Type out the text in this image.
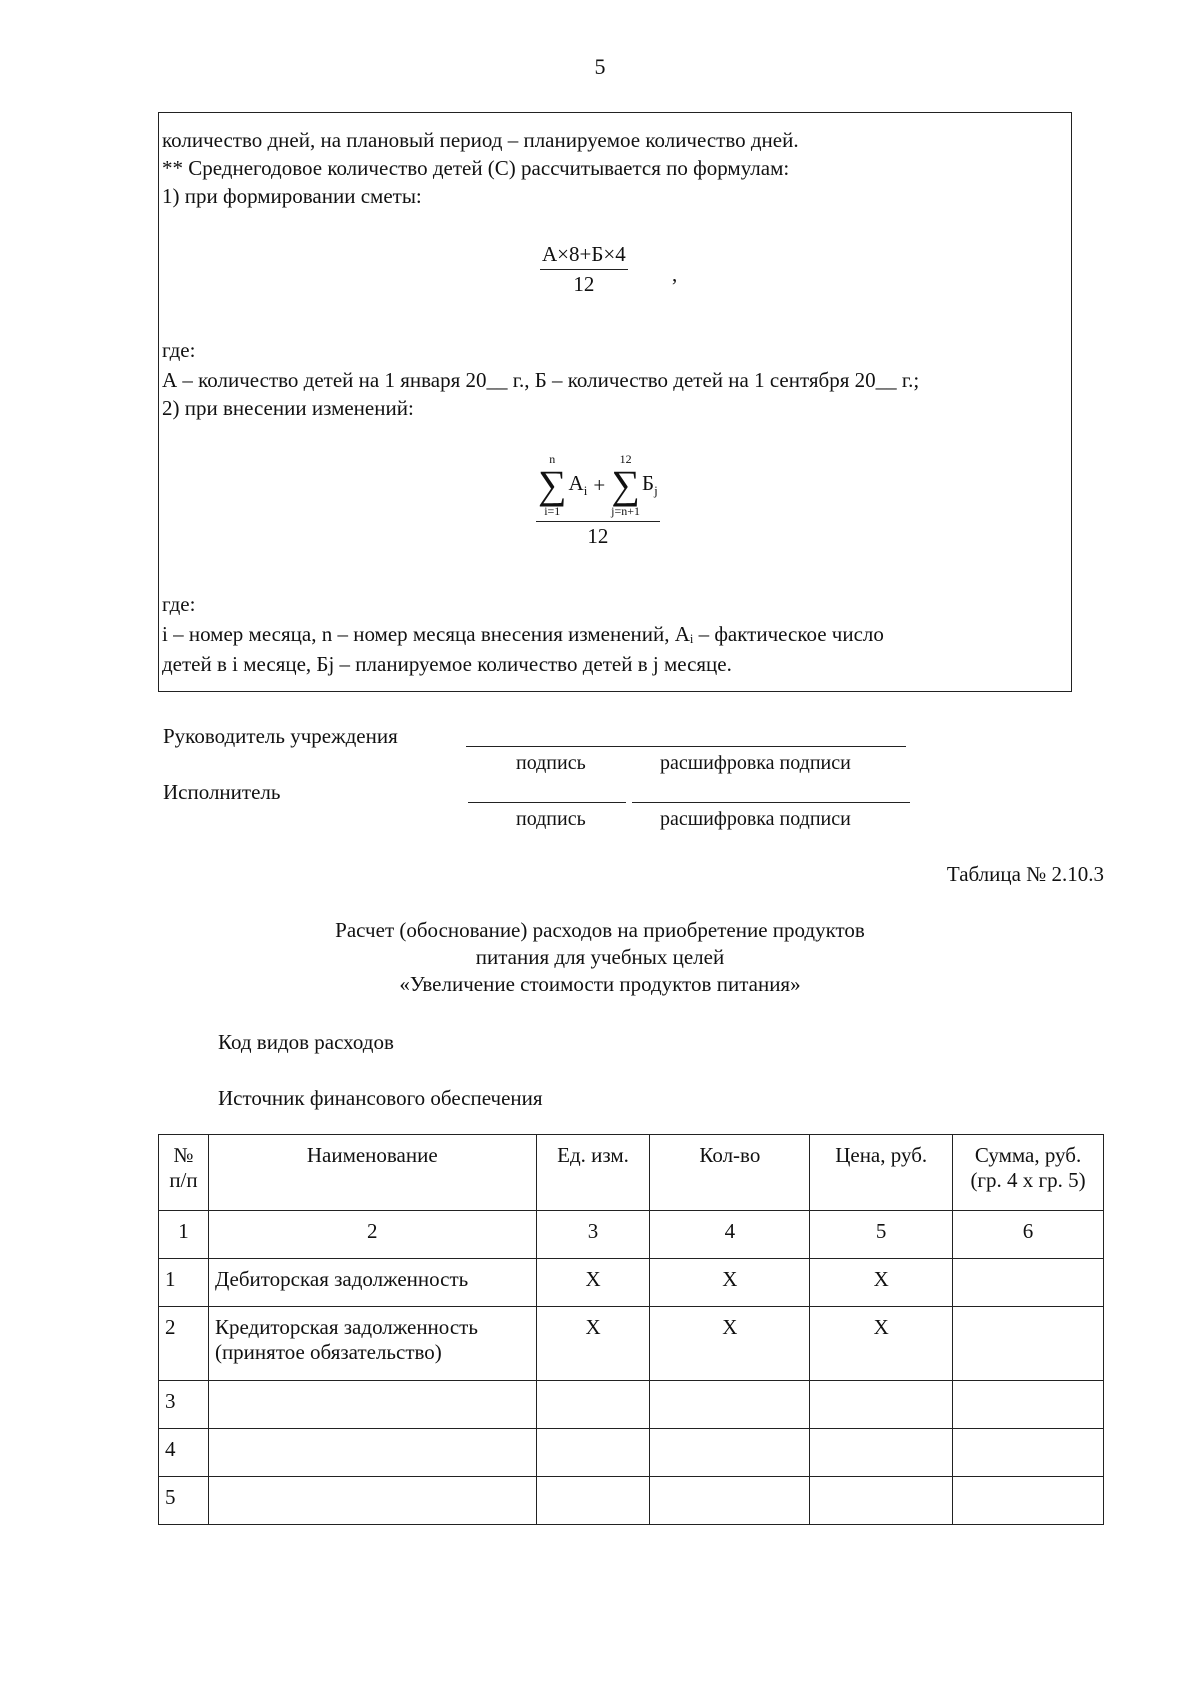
5
количество дней, на плановый период – планируемое количество дней.
** Среднегодовое количество детей (С) рассчитывается по формулам:
1) при формировании сметы:
А×8+Б×4
12	,
где:
А – количество детей на 1 января 20__ г., Б – количество детей на 1 сентября 20__ г.;
2) при внесении изменений:
n
∑
i=1
$A_i$ +
12
∑
j=n+1
$Б_j$
12
где:
i – номер месяца, n – номер месяца внесения изменений, Aᵢ – фактическое число
детей в i месяце, Бj – планируемое количество детей в j месяце.
Руководитель учреждения
подпись	расшифровка подписи
Исполнитель
подпись	расшифровка подписи
Таблица № 2.10.3
Расчет (обоснование) расходов на приобретение продуктов
питания для учебных целей
«Увеличение стоимости продуктов питания»
Код видов расходов
Источник финансового обеспечения
№ п/п	Наименование	Ед. изм.	Кол-во	Цена, руб.	Сумма, руб. (гр. 4 х гр. 5)
1	2	3	4	5	6
1	Дебиторская задолженность	X	X	X	
2	Кредиторская задолженность (принятое обязательство)	X	X	X	
3					
4					
5					
